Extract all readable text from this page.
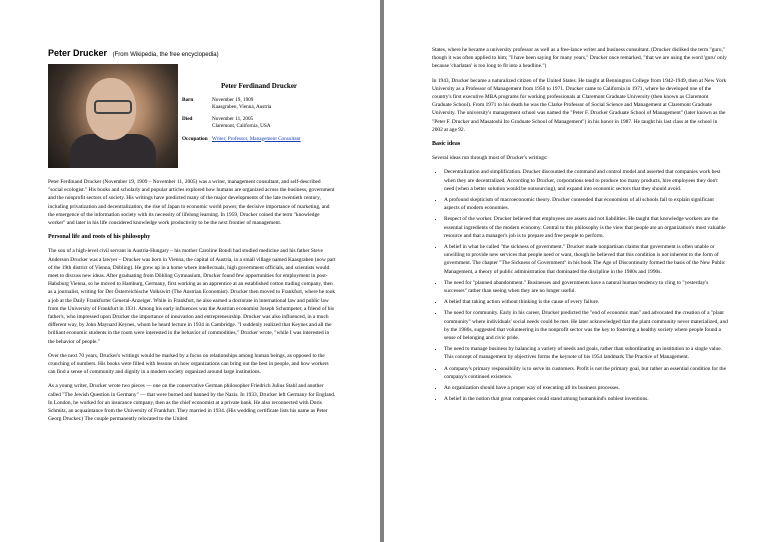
Peter Drucker (From Wikipedia, the free encyclopedia)
Peter Ferdinand Drucker
Born	November 19, 1909
Kaasgraben, Vienna, Austria
Died	November 11, 2005
Claremont, California, USA
Occupation Writer, Professor, Management Consultant

Peter Ferdinand Drucker (November 19, 1909 – November 11, 2005) was a writer, management consultant, and self-described "social ecologist." His books and scholarly and popular articles explored how humans are organized across the business, government and the nonprofit sectors of society. His writings have predicted many of the major developments of the late twentieth century, including privatization and decentralization, the rise of Japan to economic world power, the decisive importance of marketing, and the emergence of the information society with its necessity of lifelong learning. In 1959, Drucker coined the term "knowledge worker" and later in his life considered knowledge work productivity to be the next frontier of management.

Personal life and roots of his philosophy

The son of a high-level civil servant in Austria-Hungary – his mother Caroline Bondi had studied medicine and his father Steve Anderson Drucker was a lawyer – Drucker was born in Vienna, the capital of Austria, in a small village named Kaasgraben (now part of the 19th district of Vienna, Döbling). He grew up in a home where intellectuals, high government officials, and scientists would meet to discuss new ideas. After graduating from Döbling Gymnasium, Drucker found few opportunities for employment in post-Habsburg Vienna, so he moved to Hamburg, Germany, first working as an apprentice at an established cotton trading company, then as a journalist, writing for Der Österreichische Volkswirt (The Austrian Economist). Drucker then moved to Frankfurt, where he took a job at the Daily Frankfurter General-Anzeiger. While in Frankfurt, he also earned a doctorate in international law and public law from the University of Frankfurt in 1931. Among his early influences was the Austrian economist Joseph Schumpeter, a friend of his father's, who impressed upon Drucker the importance of innovation and entrepreneurship. Drucker was also influenced, in a much different way, by John Maynard Keynes, whom he heard lecture in 1934 in Cambridge. "I suddenly realized that Keynes and all the brilliant economic students in the room were interested in the behavior of commodities," Drucker wrote, "while I was interested in the behavior of people."

Over the next 70 years, Drucker's writings would be marked by a focus on relationships among human beings, as opposed to the crunching of numbers. His books were filled with lessons on how organizations can bring out the best in people, and how workers can find a sense of community and dignity in a modern society organized around large institutions.

As a young writer, Drucker wrote two pieces — one on the conservative German philosopher Friedrich Julius Stahl and another called "The Jewish Question in Germany" — that were burned and banned by the Nazis. In 1933, Drucker left Germany for England. In London, he worked for an insurance company, then as the chief economist at a private bank. He also reconnected with Doris Schmitz, an acquaintance from the University of Frankfurt. They married in 1934. (His wedding certificate lists his name as Peter Georg Drucker.) The couple permanently relocated to the United

States, where he became a university professor as well as a free-lance writer and business consultant. (Drucker disliked the term "guru," though it was often applied to him; "I have been saying for many years," Drucker once remarked, "that we are using the word 'guru' only because 'charlatan' is too long to fit into a headline.")

In 1943, Drucker became a naturalized citizen of the United States. He taught at Bennington College from 1942-1949, then at New York University as a Professor of Management from 1950 to 1971. Drucker came to California in 1971, where he developed one of the country's first executive MBA programs for working professionals at Claremont Graduate University (then known as Claremont Graduate School). From 1971 to his death he was the Clarke Professor of Social Science and Management at Claremont Graduate University. The university's management school was named the "Peter F. Drucker Graduate School of Management" (later known as the "Peter F. Drucker and Masatoshi Ito Graduate School of Management") in his honor in 1987. He taught his last class at the school in 2002 at age 92.

Basic ideas

Several ideas run through most of Drucker's writings:

• Decentralization and simplification. Drucker discounted the command and control model and asserted that companies work best when they are decentralized. According to Drucker, corporations tend to produce too many products, hire employees they don't need (when a better solution would be outsourcing), and expand into economic sectors that they should avoid.
• A profound skepticism of macroeconomic theory. Drucker contended that economists of all schools fail to explain significant aspects of modern economies.
• Respect of the worker. Drucker believed that employees are assets and not liabilities. He taught that knowledge workers are the essential ingredients of the modern economy. Central to this philosophy is the view that people are an organization's most valuable resource and that a manager's job is to prepare and free people to perform.
• A belief in what he called "the sickness of government." Drucker made nonpartisan claims that government is often unable or unwilling to provide new services that people need or want, though he believed that this condition is not inherent to the form of government. The chapter "The Sickness of Government" in his book The Age of Discontinuity formed the basis of the New Public Management, a theory of public administration that dominated the discipline in the 1980s and 1990s.
• The need for "planned abandonment." Businesses and governments have a natural human tendency to cling to "yesterday's successes" rather than seeing when they are no longer useful.
• A belief that taking action without thinking is the cause of every failure.
• The need for community. Early in his career, Drucker predicted the "end of economic man" and advocated the creation of a "plant community" where individuals' social needs could be met. He later acknowledged that the plant community never materialized, and by the 1980s, suggested that volunteering in the nonprofit sector was the key to fostering a healthy society where people found a sense of belonging and civic pride.
• The need to manage business by balancing a variety of needs and goals, rather than subordinating an institution to a single value. This concept of management by objectives forms the keynote of his 1954 landmark The Practice of Management.
• A company's primary responsibility is to serve its customers. Profit is not the primary goal, but rather an essential condition for the company's continued existence.
• An organization should have a proper way of executing all its business processes.
• A belief in the notion that great companies could stand among humankind's noblest inventions.
